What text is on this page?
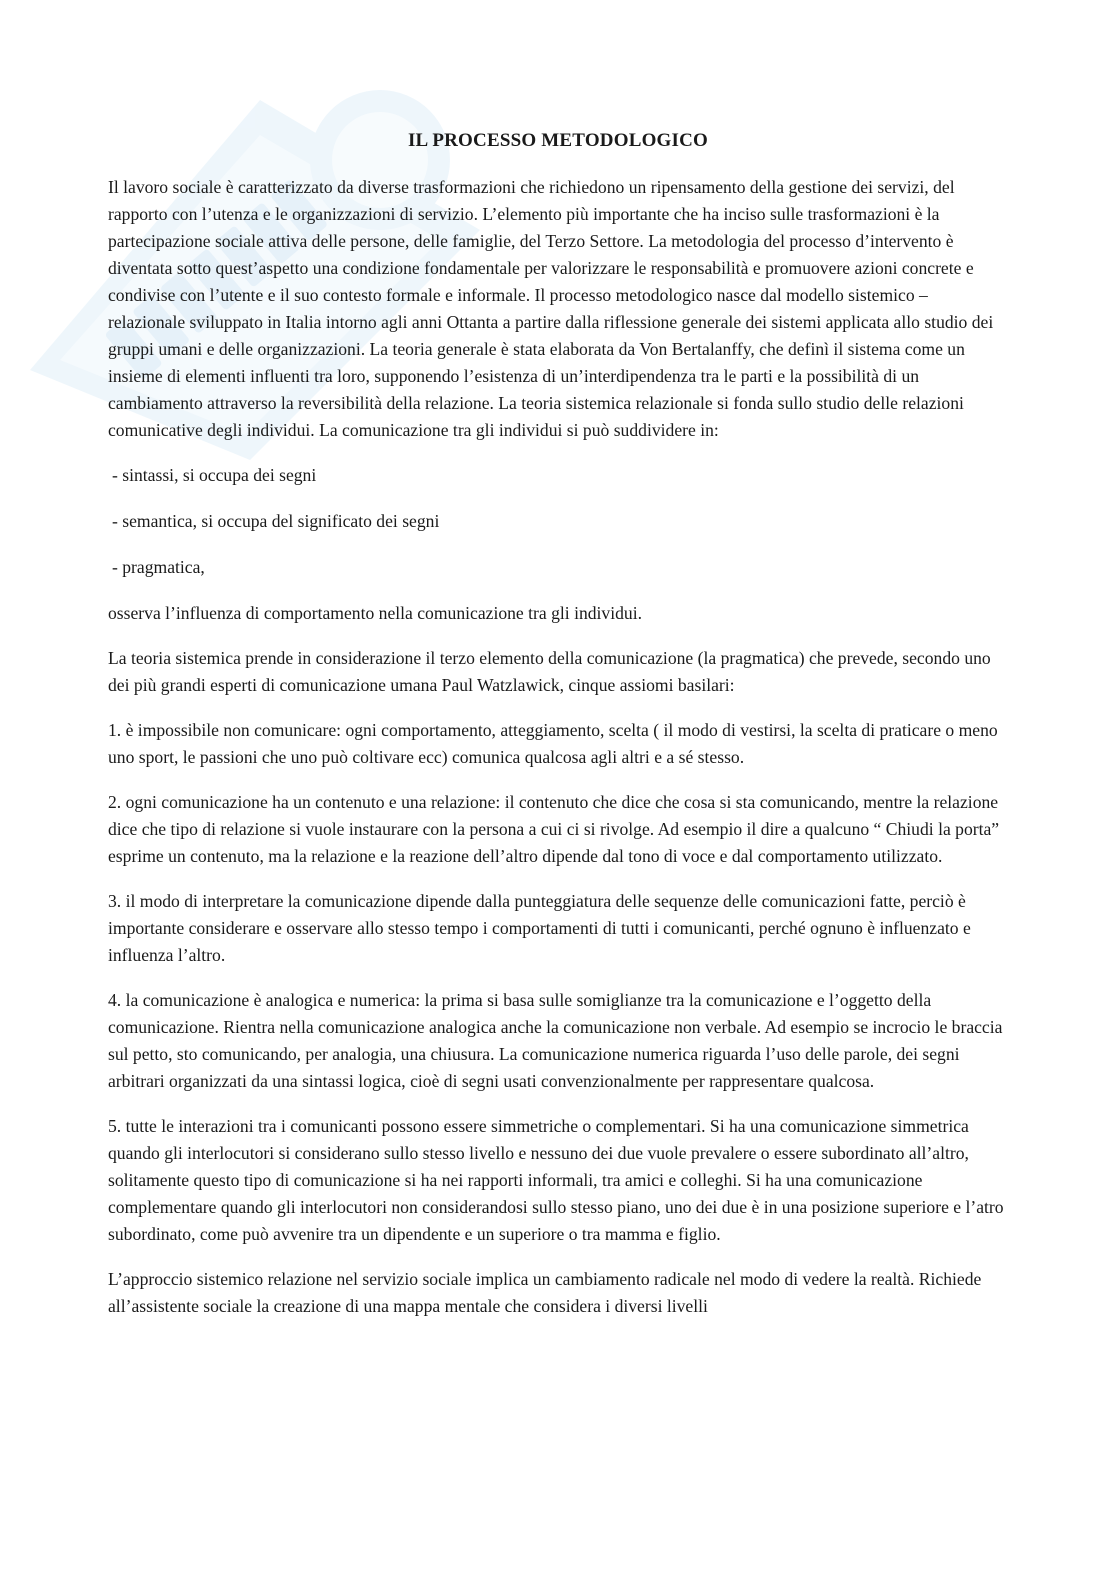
IL PROCESSO METODOLOGICO

Il lavoro sociale è caratterizzato da diverse trasformazioni che richiedono un ripensamento della gestione dei servizi, del rapporto con l’utenza e le organizzazioni di servizio. L’elemento più importante che ha inciso sulle trasformazioni è la partecipazione sociale attiva delle persone, delle famiglie, del Terzo Settore. La metodologia del processo d’intervento è diventata sotto quest’aspetto una condizione fondamentale per valorizzare le responsabilità e promuovere azioni concrete e condivise con l’utente e il suo contesto formale e informale. Il processo metodologico nasce dal modello sistemico – relazionale sviluppato in Italia intorno agli anni Ottanta a partire dalla riflessione generale dei sistemi applicata allo studio dei gruppi umani e delle organizzazioni. La teoria generale è stata elaborata da Von Bertalanffy, che definì il sistema come un insieme di elementi influenti tra loro, supponendo l’esistenza di un’interdipendenza tra le parti e la possibilità di un cambiamento attraverso la reversibilità della relazione. La teoria sistemica relazionale si fonda sullo studio delle relazioni comunicative degli individui. La comunicazione tra gli individui si può suddividere in:

- sintassi, si occupa dei segni

- semantica, si occupa del significato dei segni

- pragmatica,

osserva l’influenza di comportamento nella comunicazione tra gli individui.

La teoria sistemica prende in considerazione il terzo elemento della comunicazione (la pragmatica) che prevede, secondo uno dei più grandi esperti di comunicazione umana Paul Watzlawick, cinque assiomi basilari:

1. è impossibile non comunicare: ogni comportamento, atteggiamento, scelta ( il modo di vestirsi, la scelta di praticare o meno uno sport, le passioni che uno può coltivare ecc) comunica qualcosa agli altri e a sé stesso.

2. ogni comunicazione ha un contenuto e una relazione: il contenuto che dice che cosa si sta comunicando, mentre la relazione dice che tipo di relazione si vuole instaurare con la persona a cui ci si rivolge. Ad esempio il dire a qualcuno “ Chiudi la porta” esprime un contenuto, ma la relazione e la reazione dell’altro dipende dal tono di voce e dal comportamento utilizzato.

3. il modo di interpretare la comunicazione dipende dalla punteggiatura delle sequenze delle comunicazioni fatte, perciò è importante considerare e osservare allo stesso tempo i comportamenti di tutti i comunicanti, perché ognuno è influenzato e influenza l’altro.

4. la comunicazione è analogica e numerica: la prima si basa sulle somiglianze tra la comunicazione e l’oggetto della comunicazione. Rientra nella comunicazione analogica anche la comunicazione non verbale. Ad esempio se incrocio le braccia sul petto, sto comunicando, per analogia, una chiusura. La comunicazione numerica riguarda l’uso delle parole, dei segni arbitrari organizzati da una sintassi logica, cioè di segni usati convenzionalmente per rappresentare qualcosa.

5. tutte le interazioni tra i comunicanti possono essere simmetriche o complementari. Si ha una comunicazione simmetrica quando gli interlocutori si considerano sullo stesso livello e nessuno dei due vuole prevalere o essere subordinato all’altro, solitamente questo tipo di comunicazione si ha nei rapporti informali, tra amici e colleghi. Si ha una comunicazione complementare quando gli interlocutori non considerandosi sullo stesso piano, uno dei due è in una posizione superiore e l’atro subordinato, come può avvenire tra un dipendente e un superiore o tra mamma e figlio.

L’approccio sistemico relazione nel servizio sociale implica un cambiamento radicale nel modo di vedere la realtà. Richiede all’assistente sociale la creazione di una mappa mentale che considera i diversi livelli
